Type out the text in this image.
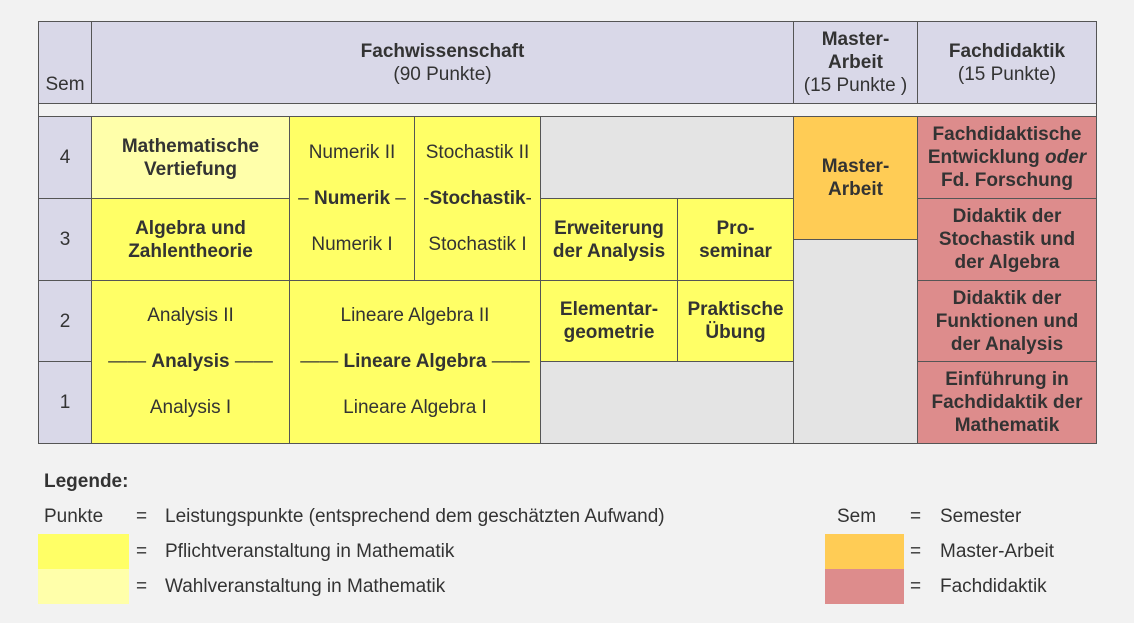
Sem
Fachwissenschaft
(90 Punkte)
Master-
Arbeit
(15 Punkte )
Fachdidaktik
(15 Punkte)
4
3
2
1
Mathematische
Vertiefung
Algebra und
Zahlentheorie
Numerik II
– Numerik –
Numerik I
Stochastik II
-Stochastik-
Stochastik I
Erweiterung
der Analysis
Pro-
seminar
Analysis II
—— Analysis ——
Analysis I
Lineare Algebra II
—— Lineare Algebra ——
Lineare Algebra I
Elementar-
geometrie
Praktische
Übung
Master-
Arbeit
Fachdidaktische
Entwicklung oder
Fd. Forschung
Didaktik der
Stochastik und
der Algebra
Didaktik der
Funktionen und
der Analysis
Einführung in
Fachdidaktik der
Mathematik
Legende:
Punkte = Leistungspunkte (entsprechend dem geschätzten Aufwand)
= Pflichtveranstaltung in Mathematik
= Wahlveranstaltung in Mathematik
Sem = Semester
= Master-Arbeit
= Fachdidaktik
